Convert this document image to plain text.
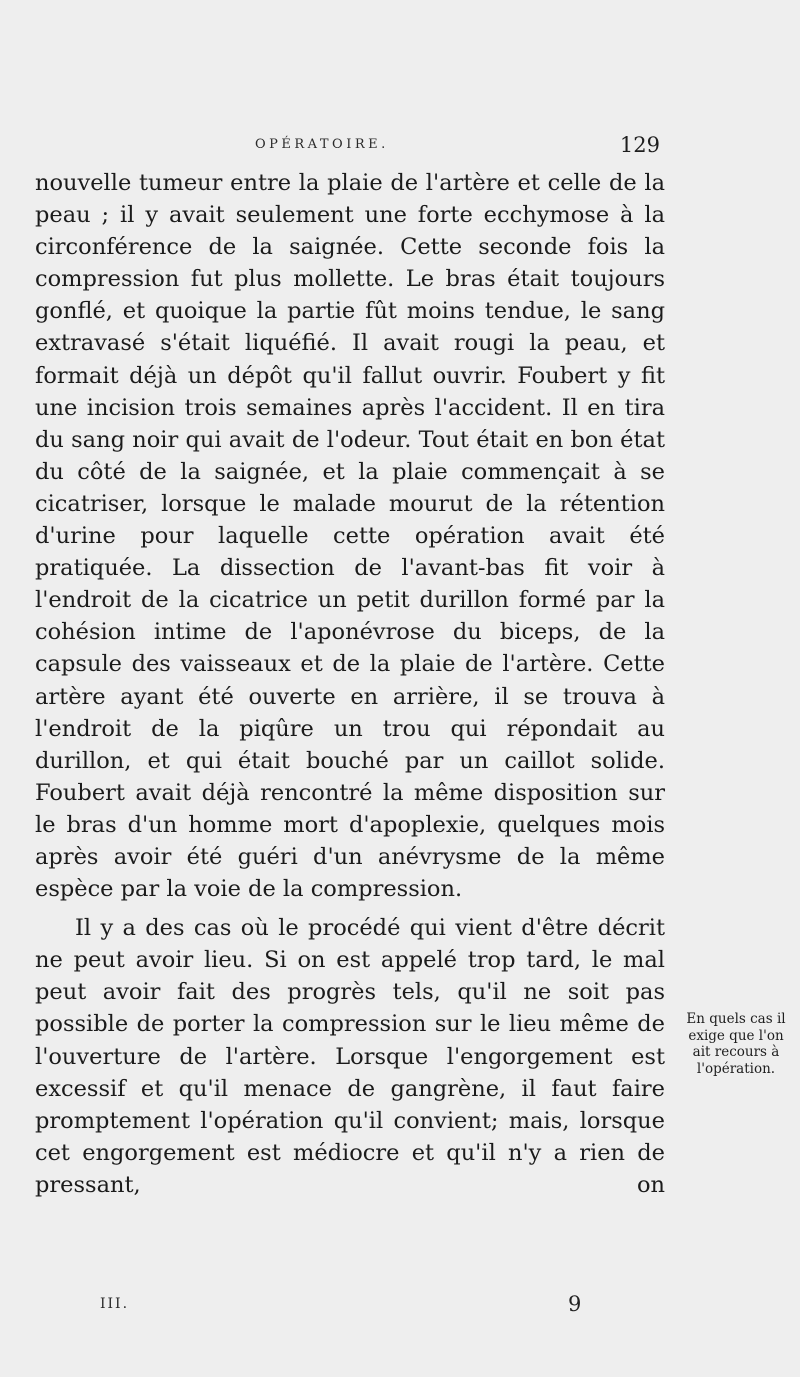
OPÉRATOIRE.	129

nouvelle tumeur entre la plaie de l'artère et celle de la peau ; il y avait seulement une forte ecchymose à la circonférence de la saignée. Cette seconde fois la compression fut plus mollette. Le bras était toujours gonflé, et quoique la partie fût moins tendue, le sang extravasé s'était liquéfié. Il avait rougi la peau, et formait déjà un dépôt qu'il fallut ouvrir. Foubert y fit une incision trois semaines après l'accident. Il en tira du sang noir qui avait de l'odeur. Tout était en bon état du côté de la saignée, et la plaie commençait à se cicatriser, lorsque le malade mourut de la rétention d'urine pour laquelle cette opération avait été pratiquée. La dissection de l'avant-bas fit voir à l'endroit de la cicatrice un petit durillon formé par la cohésion intime de l'aponévrose du biceps, de la capsule des vaisseaux et de la plaie de l'artère. Cette artère ayant été ouverte en arrière, il se trouva à l'endroit de la piqûre un trou qui répondait au durillon, et qui était bouché par un caillot solide. Foubert avait déjà rencontré la même disposition sur le bras d'un homme mort d'apoplexie, quelques mois après avoir été guéri d'un anévrysme de la même espèce par la voie de la compression.

Il y a des cas où le procédé qui vient d'être décrit ne peut avoir lieu. Si on est appelé trop tard, le mal peut avoir fait des progrès tels, qu'il ne soit pas possible de porter la compression sur le lieu même de l'ouverture de l'artère. Lorsque l'engorgement est excessif et qu'il menace de gangrène, il faut faire promptement l'opération qu'il convient; mais, lorsque cet engorgement est médiocre et qu'il n'y a rien de pressant, on

En quels cas il exige que l'on ait recours à l'opération.
III.	9
